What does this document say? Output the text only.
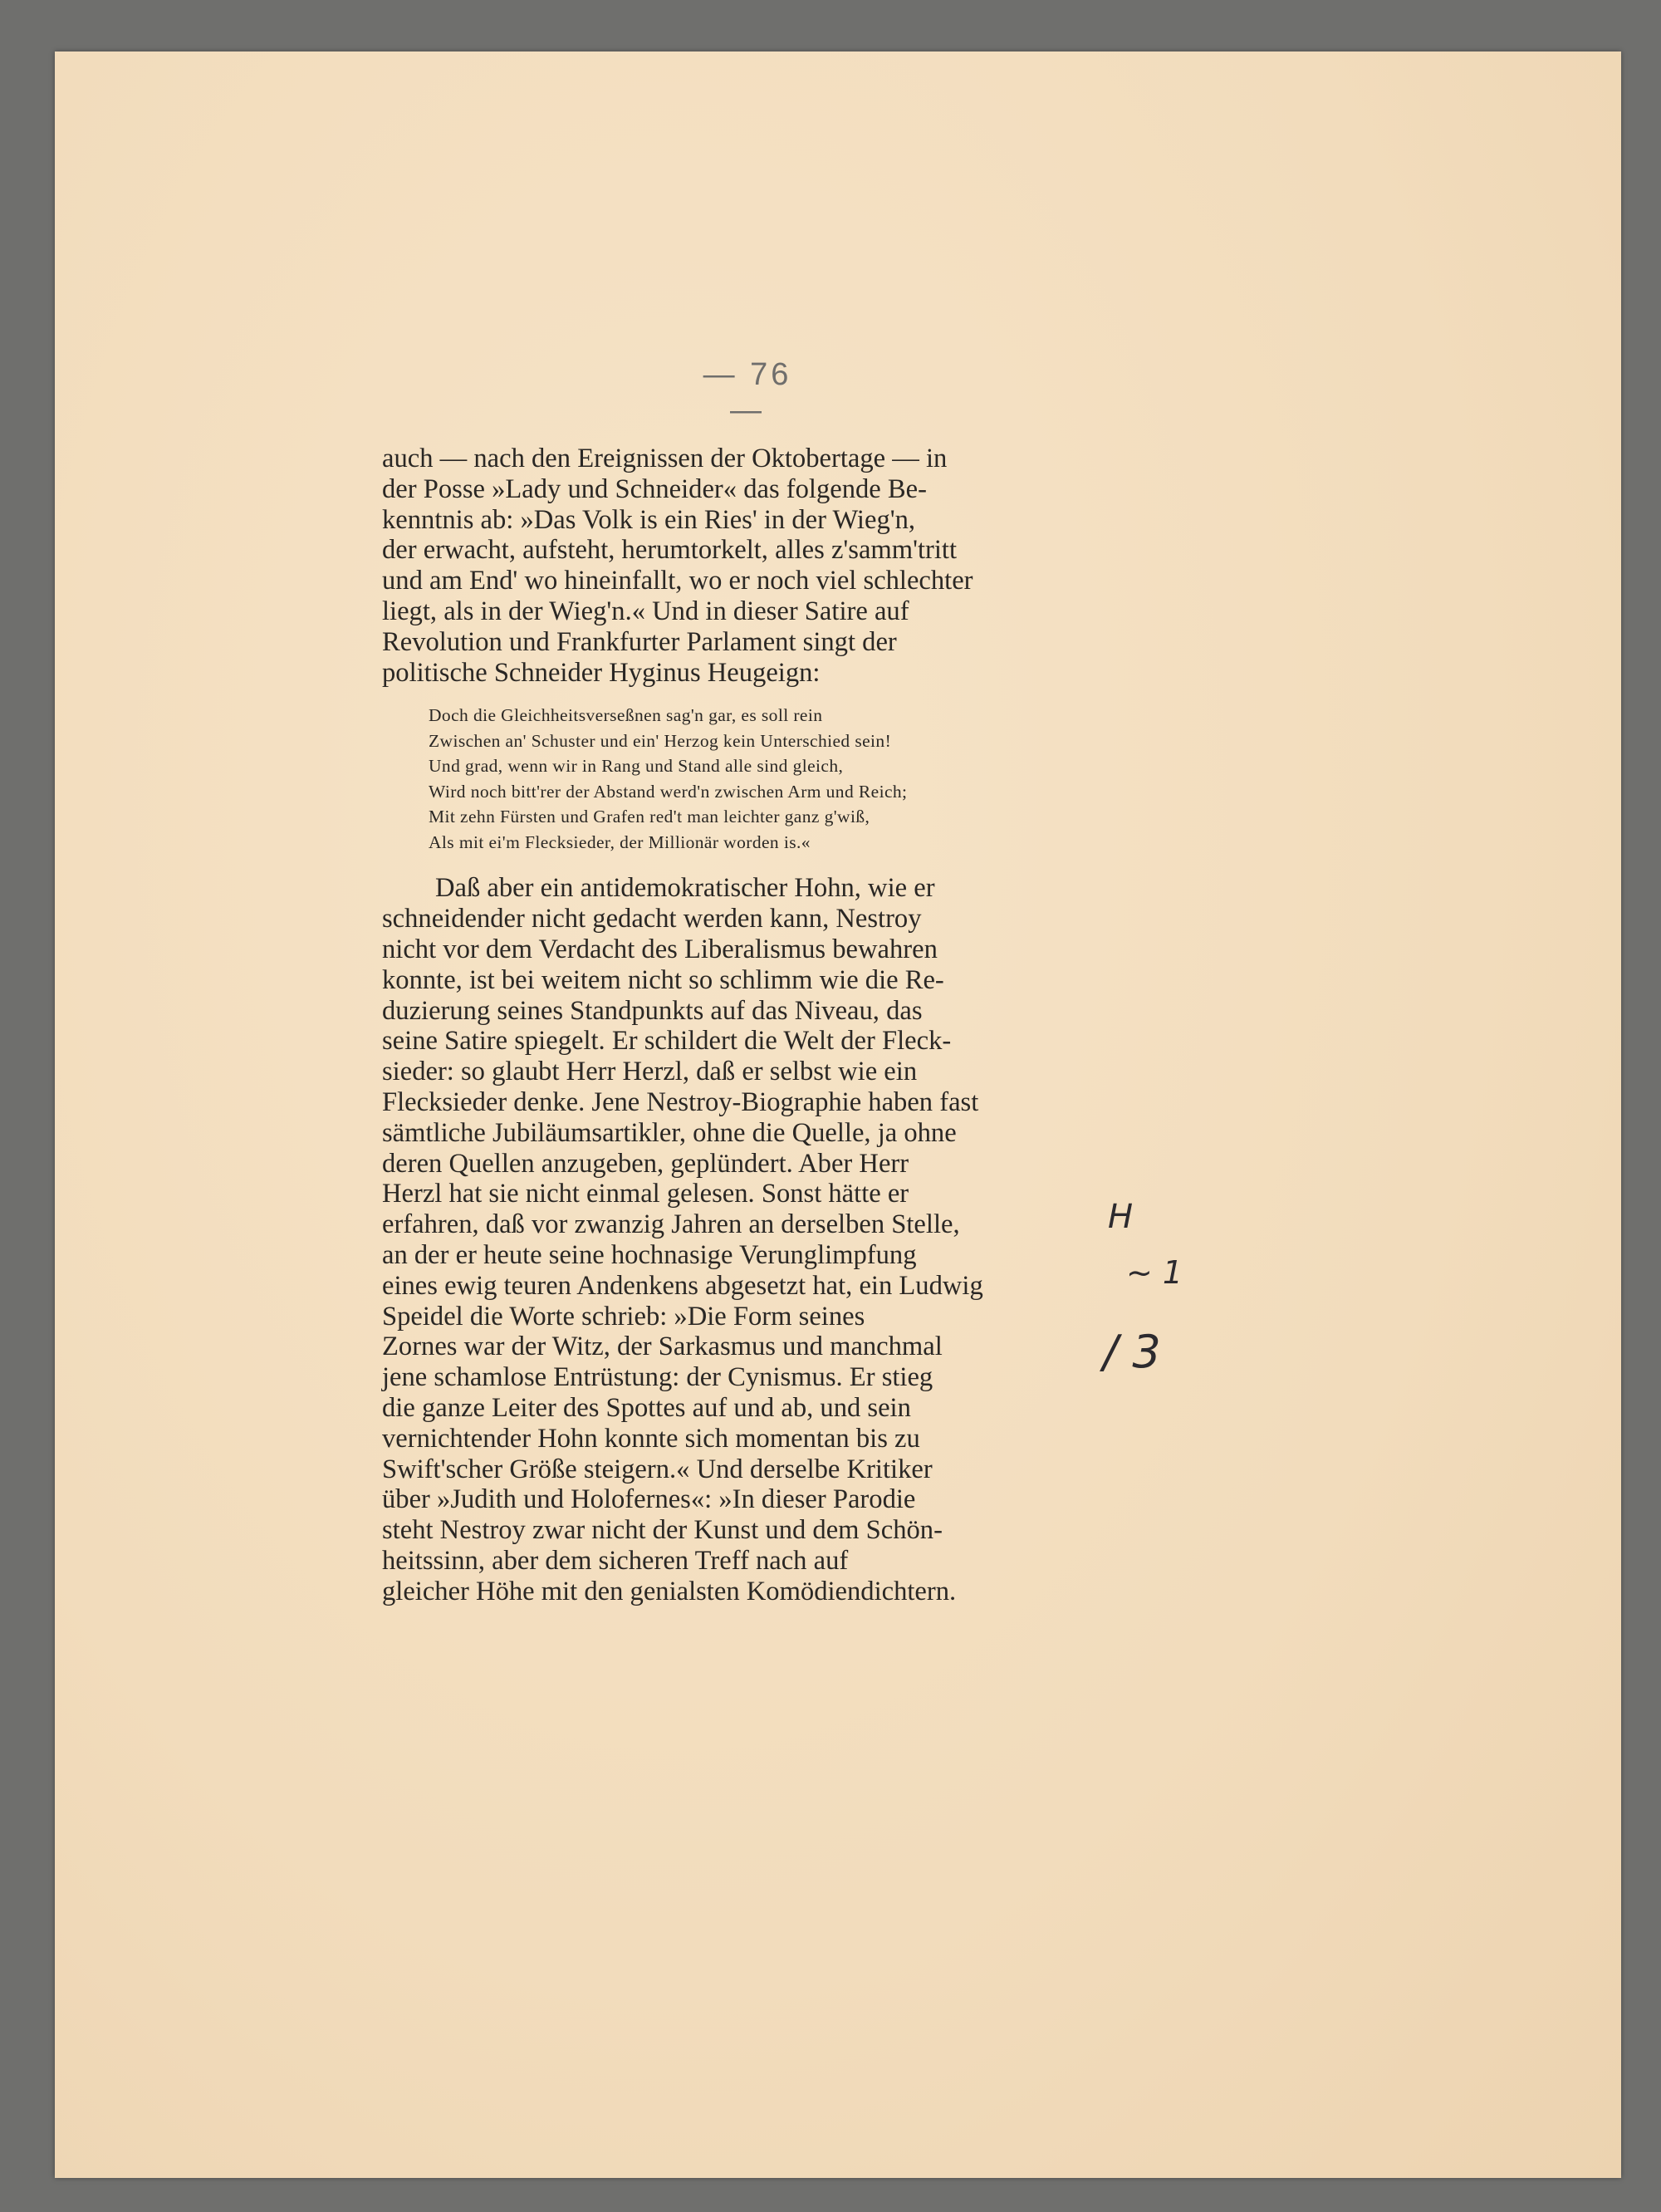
— 76 —

auch — nach den Ereignissen der Oktobertage — in
der Posse »Lady und Schneider« das folgende Be-
kenntnis ab: »Das Volk is ein Ries' in der Wieg'n,
der erwacht, aufsteht, herumtorkelt, alles z'samm'tritt
und am End' wo hineinfallt, wo er noch viel schlechter
liegt, als in der Wieg'n.« Und in dieser Satire auf
Revolution und Frankfurter Parlament singt der
politische Schneider Hyginus Heugeign:

Doch die Gleichheitsverseßnen sag'n gar, es soll rein
Zwischen an' Schuster und ein' Herzog kein Unterschied sein!
Und grad, wenn wir in Rang und Stand alle sind gleich,
Wird noch bitt'rer der Abstand werd'n zwischen Arm und Reich;
Mit zehn Fürsten und Grafen red't man leichter ganz g'wiß,
Als mit ei'm Flecksieder, der Millionär worden is.«

Daß aber ein antidemokratischer Hohn, wie er
schneidender nicht gedacht werden kann, Nestroy
nicht vor dem Verdacht des Liberalismus bewahren
konnte, ist bei weitem nicht so schlimm wie die Re-
duzierung seines Standpunkts auf das Niveau, das
seine Satire spiegelt. Er schildert die Welt der Fleck-
sieder: so glaubt Herr Herzl, daß er selbst wie ein
Flecksieder denke. Jene Nestroy-Biographie haben fast
sämtliche Jubiläumsartikler, ohne die Quelle, ja ohne
deren Quellen anzugeben, geplündert. Aber Herr
Herzl hat sie nicht einmal gelesen. Sonst hätte er
erfahren, daß vor zwanzig Jahren an derselben Stelle,
an der er heute seine hochnasige Verunglimpfung
eines ewig teuren Andenkens abgesetzt hat, ein Ludwig
Speidel die Worte schrieb: »Die Form seines
Zornes war der Witz, der Sarkasmus und manchmal
jene schamlose Entrüstung: der Cynismus. Er stieg
die ganze Leiter des Spottes auf und ab, und sein
vernichtender Hohn konnte sich momentan bis zu
Swift'scher Größe steigern.« Und derselbe Kritiker
über »Judith und Holofernes«: »In dieser Parodie
steht Nestroy zwar nicht der Kunst und dem Schön-
heitssinn, aber dem sicheren Treff nach auf
gleicher Höhe mit den genialsten Komödiendichtern.

H
~ 1
/ 3
